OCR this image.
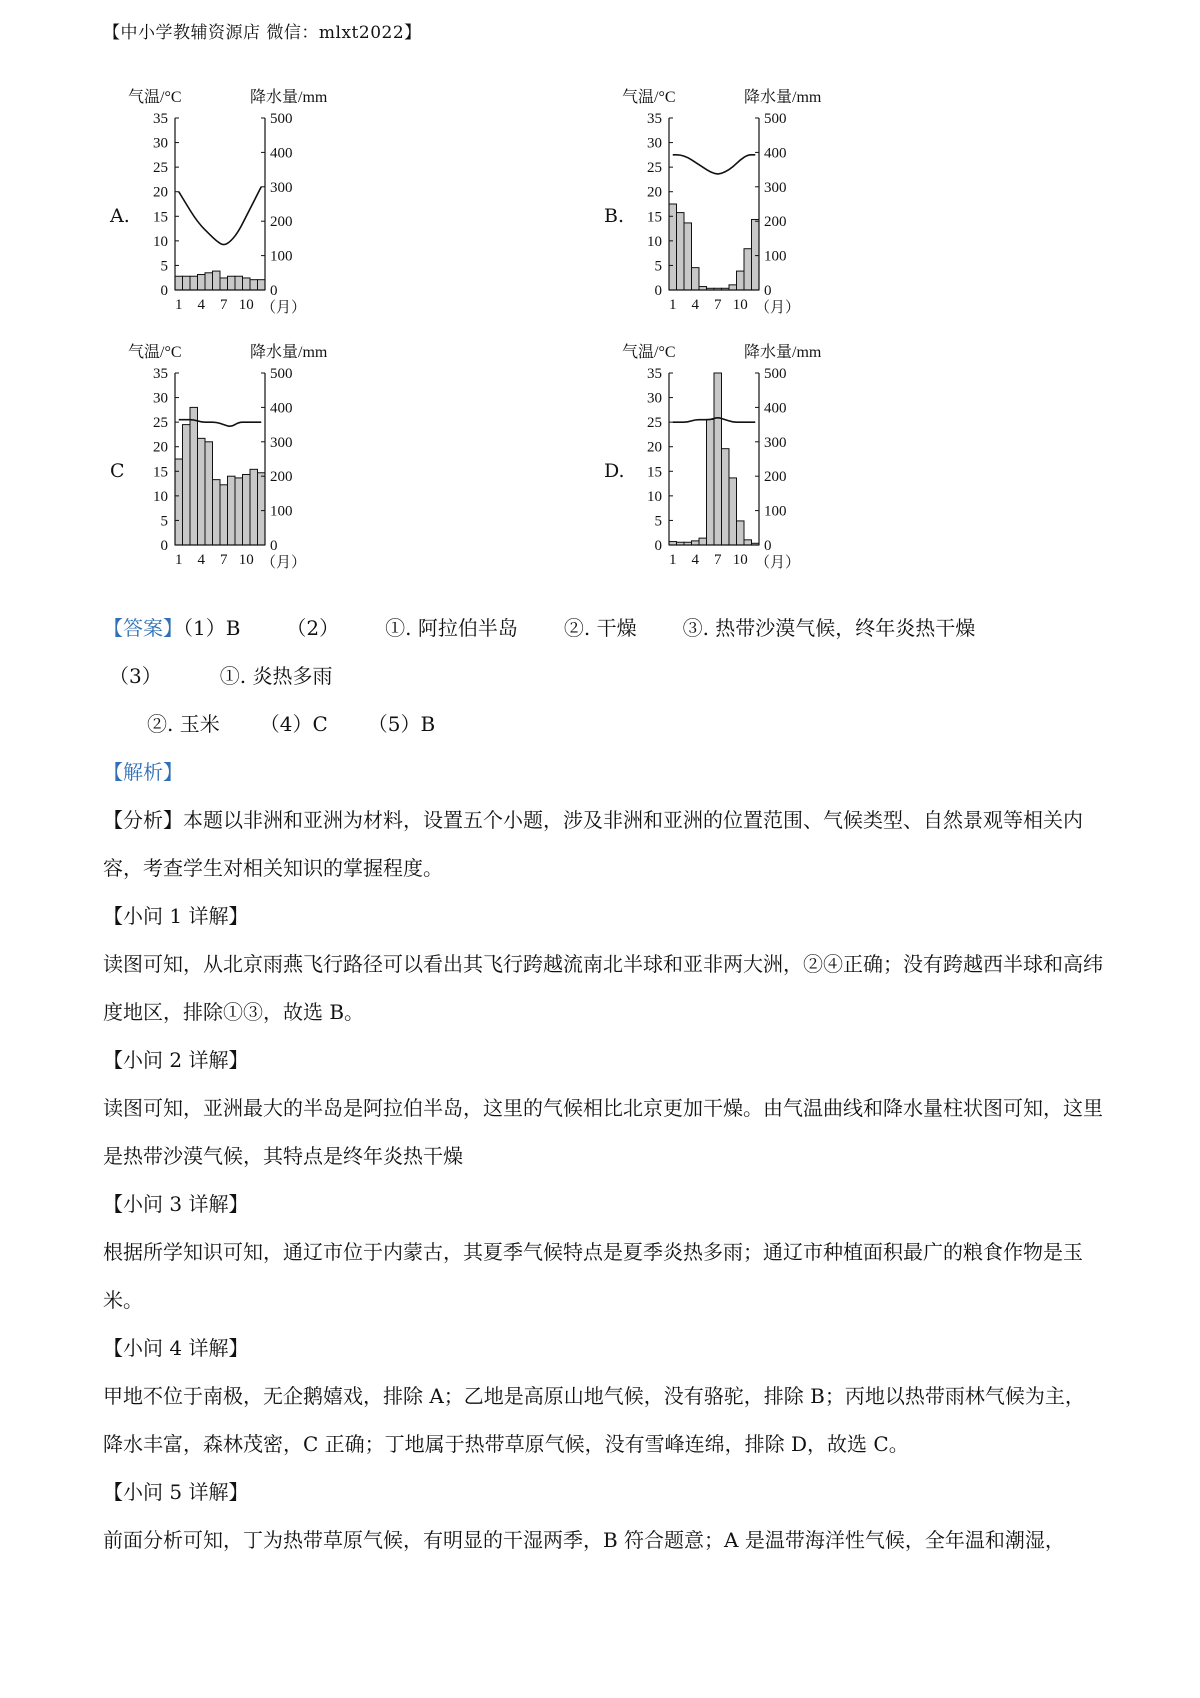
【中小学教辅资源店 微信：mlxt2022】
A.	B.
C	D.
气温/°C	降水量/mm
0
5
10
15
20
25
30
35
0
100
200
300
400
500
1 4 7 10 （月）
气温/°C	降水量/mm
0
5
10
15
20
25
30
35
0
100
200
300
400
500
1 4 7 10 （月）
气温/°C	降水量/mm
0
5
10
15
20
25
30
35
0
100
200
300
400
500
1 4 7 10 （月）
气温/°C	降水量/mm
0
5
10
15
20
25
30
35
0
100
200
300
400
500
1 4 7 10 （月）
【答案】（1）B （2） ①. 阿拉伯半岛 ②. 干燥 ③. 热带沙漠气候，终年炎热干燥
（3）	①. 炎热多雨
②. 玉米 （4）C （5）B
【解析】
【分析】本题以非洲和亚洲为材料，设置五个小题，涉及非洲和亚洲的位置范围、气候类型、自然景观等相关内容，考查学生对相关知识的掌握程度。
【小问 1 详解】
读图可知，从北京雨燕飞行路径可以看出其飞行跨越流南北半球和亚非两大洲，②④正确；没有跨越西半球和高纬度地区，排除①③，故选 B。
【小问 2 详解】
读图可知，亚洲最大的半岛是阿拉伯半岛，这里的气候相比北京更加干燥。由气温曲线和降水量柱状图可知，这里是热带沙漠气候，其特点是终年炎热干燥
【小问 3 详解】
根据所学知识可知，通辽市位于内蒙古，其夏季气候特点是夏季炎热多雨；通辽市种植面积最广的粮食作物是玉米。
【小问 4 详解】
甲地不位于南极，无企鹅嬉戏，排除 A；乙地是高原山地气候，没有骆驼，排除 B；丙地以热带雨林气候为主，降水丰富，森林茂密，C 正确；丁地属于热带草原气候，没有雪峰连绵，排除 D，故选 C。
【小问 5 详解】
前面分析可知，丁为热带草原气候，有明显的干湿两季，B 符合题意；A 是温带海洋性气候，全年温和潮湿，
